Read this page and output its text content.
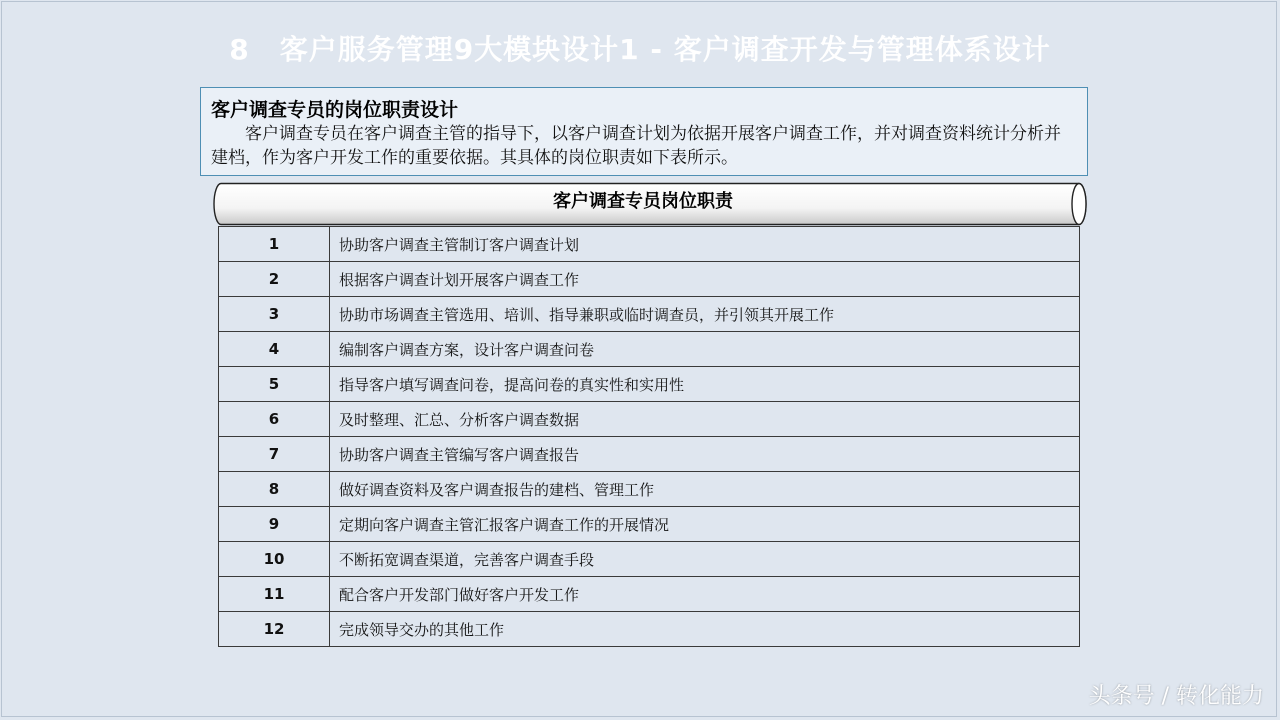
8 客户服务管理9大模块设计1 - 客户调查开发与管理体系设计
客户调查专员的岗位职责设计
客户调查专员在客户调查主管的指导下，以客户调查计划为依据开展客户调查工作，并对调查资料统计分析并建档，作为客户开发工作的重要依据。其具体的岗位职责如下表所示。
客户调查专员岗位职责
1	协助客户调查主管制订客户调查计划
2	根据客户调查计划开展客户调查工作
3	协助市场调查主管选用、培训、指导兼职或临时调查员，并引领其开展工作
4	编制客户调查方案，设计客户调查问卷
5	指导客户填写调查问卷，提高问卷的真实性和实用性
6	及时整理、汇总、分析客户调查数据
7	协助客户调查主管编写客户调查报告
8	做好调查资料及客户调查报告的建档、管理工作
9	定期向客户调查主管汇报客户调查工作的开展情况
10	不断拓宽调查渠道，完善客户调查手段
11	配合客户开发部门做好客户开发工作
12	完成领导交办的其他工作
头条号 / 转化能力
